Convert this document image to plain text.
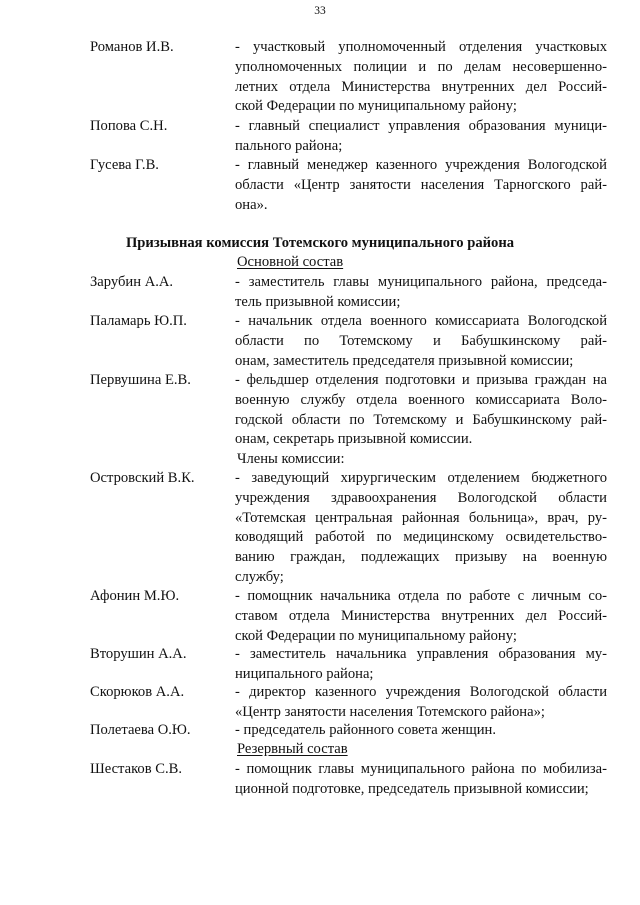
33
Романов И.В.	- участковый уполномоченный отделения участковых
уполномоченных полиции и по делам несовершенно-
летних отдела Министерства внутренних дел Россий-
ской Федерации по муниципальному району;
Попова С.Н.	- главный специалист управления образования муници-
пального района;
Гусева Г.В.	- главный менеджер казенного учреждения Вологодской
области «Центр занятости населения Тарногского рай-
она».
Призывная комиссия Тотемского муниципального района
Основной состав
Зарубин А.А.	- заместитель главы муниципального района, председа-
тель призывной комиссии;
Паламарь Ю.П.	- начальник отдела военного комиссариата Вологодской
области по Тотемскому и Бабушкинскому рай-
онам, заместитель председателя призывной комиссии;
Первушина Е.В.	- фельдшер отделения подготовки и призыва граждан на
военную службу отдела военного комиссариата Воло-
годской области по Тотемскому и Бабушкинскому рай-
онам, секретарь призывной комиссии.
Члены комиссии:
Островский В.К.	- заведующий хирургическим отделением бюджетного
учреждения здравоохранения Вологодской области
«Тотемская центральная районная больница», врач, ру-
ководящий работой по медицинскому освидетельство-
ванию граждан, подлежащих призыву на военную
службу;
Афонин М.Ю.	- помощник начальника отдела по работе с личным со-
ставом отдела Министерства внутренних дел Россий-
ской Федерации по муниципальному району;
Вторушин А.А.	- заместитель начальника управления образования му-
ниципального района;
Скорюков А.А.	- директор казенного учреждения Вологодской области
«Центр занятости населения Тотемского района»;
Полетаева О.Ю.	- председатель районного совета женщин.
Резервный состав
Шестаков С.В.	- помощник главы муниципального района по мобилиза-
ционной подготовке, председатель призывной комиссии;
